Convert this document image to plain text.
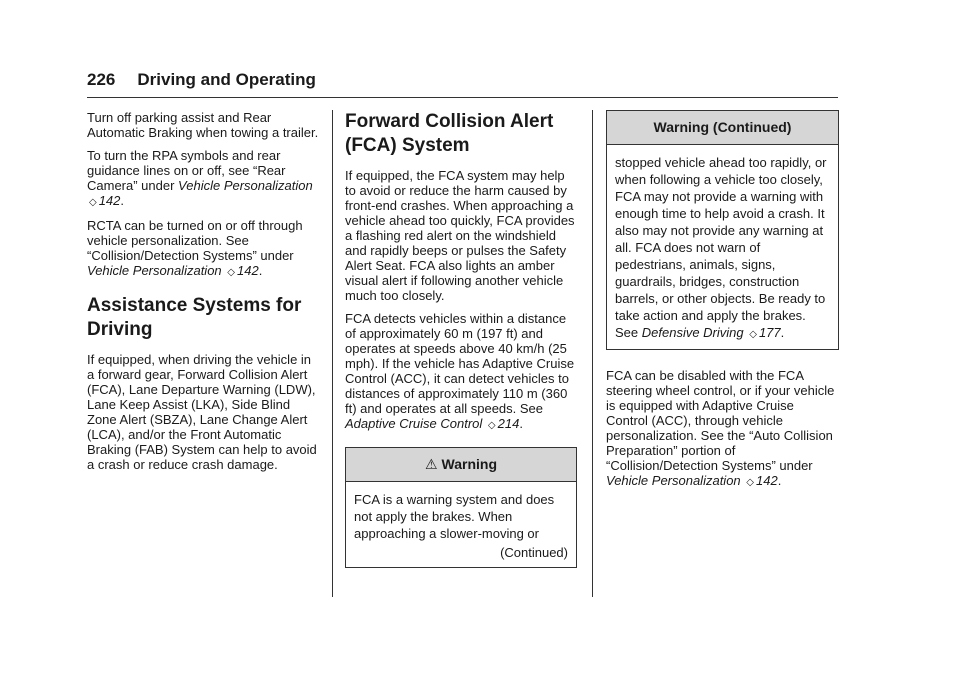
226 Driving and Operating

Turn off parking assist and Rear Automatic Braking when towing a trailer.

To turn the RPA symbols and rear guidance lines on or off, see “Rear Camera” under Vehicle Personalization ◇ 142.

RCTA can be turned on or off through vehicle personalization. See “Collision/Detection Systems” under Vehicle Personalization ◇ 142.

Assistance Systems for Driving

If equipped, when driving the vehicle in a forward gear, Forward Collision Alert (FCA), Lane Departure Warning (LDW), Lane Keep Assist (LKA), Side Blind Zone Alert (SBZA), Lane Change Alert (LCA), and/or the Front Automatic Braking (FAB) System can help to avoid a crash or reduce crash damage.

Forward Collision Alert (FCA) System

If equipped, the FCA system may help to avoid or reduce the harm caused by front-end crashes. When approaching a vehicle ahead too quickly, FCA provides a flashing red alert on the windshield and rapidly beeps or pulses the Safety Alert Seat. FCA also lights an amber visual alert if following another vehicle much too closely.

FCA detects vehicles within a distance of approximately 60 m (197 ft) and operates at speeds above 40 km/h (25 mph). If the vehicle has Adaptive Cruise Control (ACC), it can detect vehicles to distances of approximately 110 m (360 ft) and operates at all speeds. See Adaptive Cruise Control ◇ 214.

⚠ Warning
FCA is a warning system and does not apply the brakes. When approaching a slower-moving or
(Continued)
Warning (Continued)
stopped vehicle ahead too rapidly, or when following a vehicle too closely, FCA may not provide a warning with enough time to help avoid a crash. It also may not provide any warning at all. FCA does not warn of pedestrians, animals, signs, guardrails, bridges, construction barrels, or other objects. Be ready to take action and apply the brakes. See Defensive Driving ◇ 177.

FCA can be disabled with the FCA steering wheel control, or if your vehicle is equipped with Adaptive Cruise Control (ACC), through vehicle personalization. See the “Auto Collision Preparation” portion of “Collision/Detection Systems” under Vehicle Personalization ◇ 142.
